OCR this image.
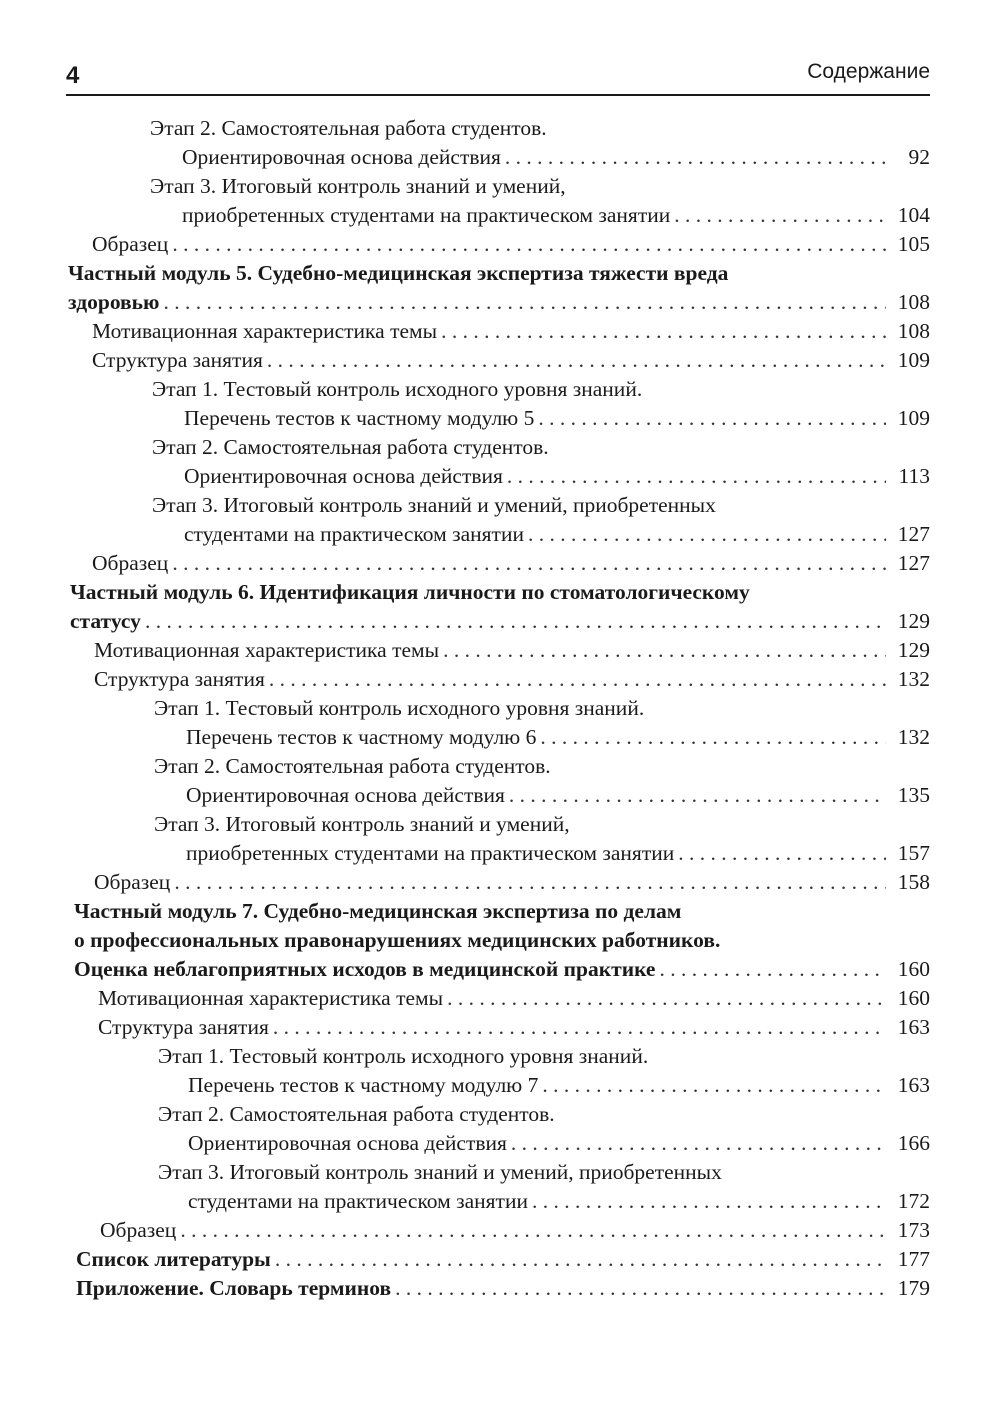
4	Содержание
Этап 2. Самостоятельная работа студентов.
Ориентировочная основа действия . . .	92
Этап 3. Итоговый контроль знаний и умений,
приобретенных студентами на практическом занятии . . .	104
Образец . . .	105
Частный модуль 5. Судебно-медицинская экспертиза тяжести вреда
здоровью . . .	108
Мотивационная характеристика темы . . .	108
Структура занятия . . .	109
Этап 1. Тестовый контроль исходного уровня знаний.
Перечень тестов к частному модулю 5 . . .	109
Этап 2. Самостоятельная работа студентов.
Ориентировочная основа действия . . .	113
Этап 3. Итоговый контроль знаний и умений, приобретенных
студентами на практическом занятии . . .	127
Образец . . .	127
Частный модуль 6. Идентификация личности по стоматологическому
статусу . . .	129
Мотивационная характеристика темы . . .	129
Структура занятия . . .	132
Этап 1. Тестовый контроль исходного уровня знаний.
Перечень тестов к частному модулю 6 . . .	132
Этап 2. Самостоятельная работа студентов.
Ориентировочная основа действия . . .	135
Этап 3. Итоговый контроль знаний и умений,
приобретенных студентами на практическом занятии . . .	157
Образец . . .	158
Частный модуль 7. Судебно-медицинская экспертиза по делам
о профессиональных правонарушениях медицинских работников.
Оценка неблагоприятных исходов в медицинской практике . . .	160
Мотивационная характеристика темы . . .	160
Структура занятия . . .	163
Этап 1. Тестовый контроль исходного уровня знаний.
Перечень тестов к частному модулю 7 . . .	163
Этап 2. Самостоятельная работа студентов.
Ориентировочная основа действия . . .	166
Этап 3. Итоговый контроль знаний и умений, приобретенных
студентами на практическом занятии . . .	172
Образец . . .	173
Список литературы . . .	177
Приложение. Словарь терминов . . .	179
